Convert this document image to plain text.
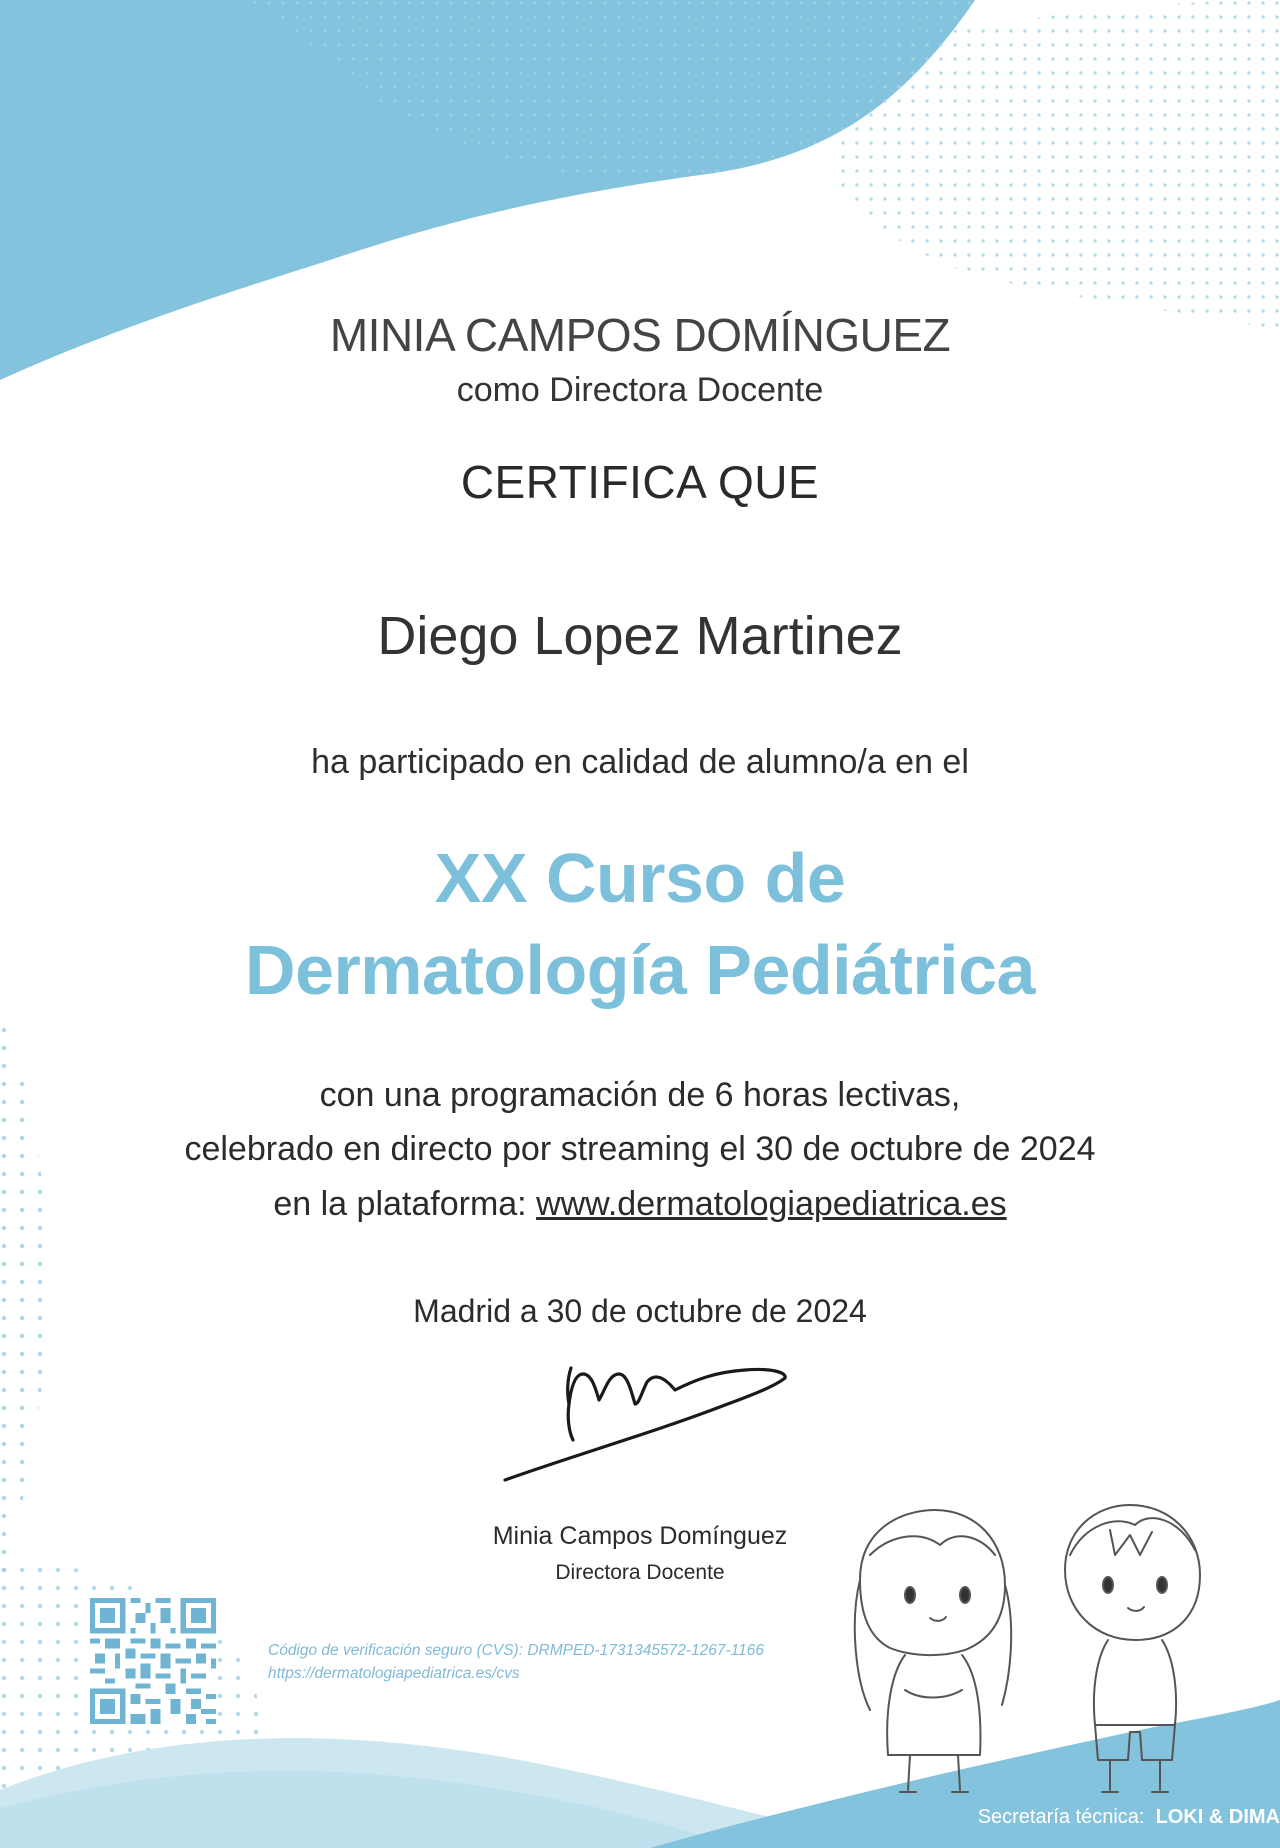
MINIA CAMPOS DOMÍNGUEZ
como Directora Docente
CERTIFICA QUE
Diego Lopez Martinez
ha participado en calidad de alumno/a en el
XX Curso de
Dermatología Pediátrica
con una programación de 6 horas lectivas,
celebrado en directo por streaming el 30 de octubre de 2024
en la plataforma: www.dermatologiapediatrica.es
Madrid a 30 de octubre de 2024
Minia Campos Domínguez
Directora Docente
Código de verificación seguro (CVS): DRMPED-1731345572-1267-1166
https://dermatologiapediatrica.es/cvs
Secretaría técnica: LOKI & DIMA
